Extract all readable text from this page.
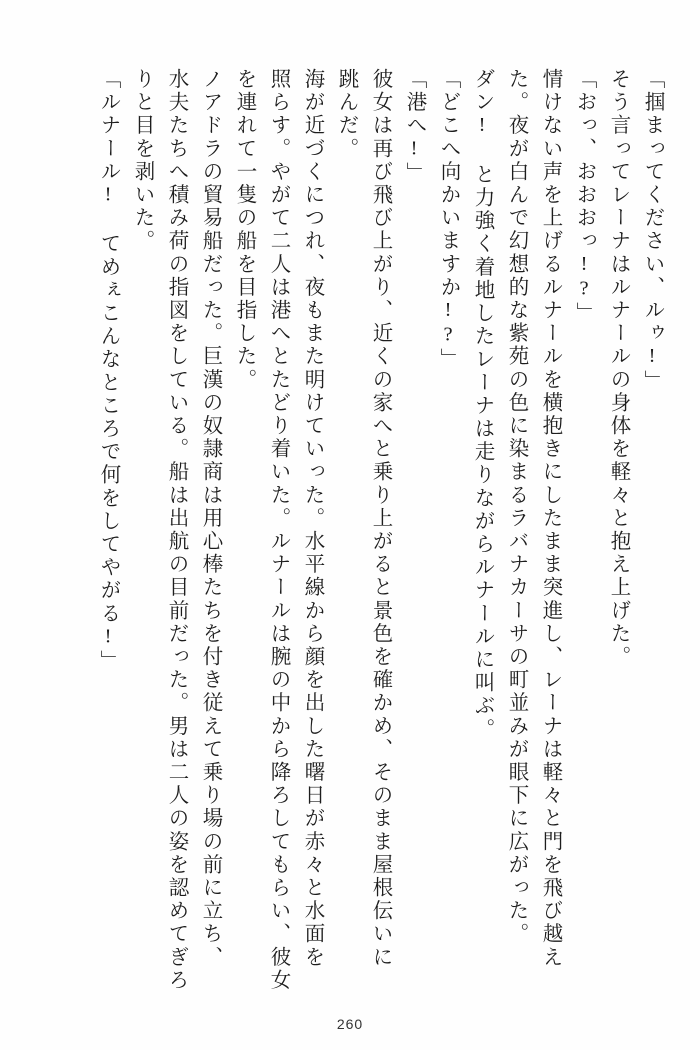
「掴まってください、ルゥ!」
そう言ってレーナはルナールの身体を軽々と抱え上げた。
「おっ、おおおっ!?」
情けない声を上げるルナールを横抱きにしたまま突進し、レーナは軽々と門を飛び越え
た。夜が白んで幻想的な紫苑の色に染まるラバナカーサの町並みが眼下に広がった。
ダン! と力強く着地したレーナは走りながらルナールに叫ぶ。
「どこへ向かいますか!?」
「港へ!」
彼女は再び飛び上がり、近くの家へと乗り上がると景色を確かめ、そのまま屋根伝いに
跳んだ。
海が近づくにつれ、夜もまた明けていった。水平線から顔を出した曙日が赤々と水面を
照らす。やがて二人は港へとたどり着いた。ルナールは腕の中から降ろしてもらい、彼女
を連れて一隻の船を目指した。
ノアドラの貿易船だった。巨漢の奴隷商は用心棒たちを付き従えて乗り場の前に立ち、
水夫たちへ積み荷の指図をしている。船は出航の目前だった。男は二人の姿を認めてぎろ
りと目を剥いた。
「ルナール! てめぇこんなところで何をしてやがる!」
260
